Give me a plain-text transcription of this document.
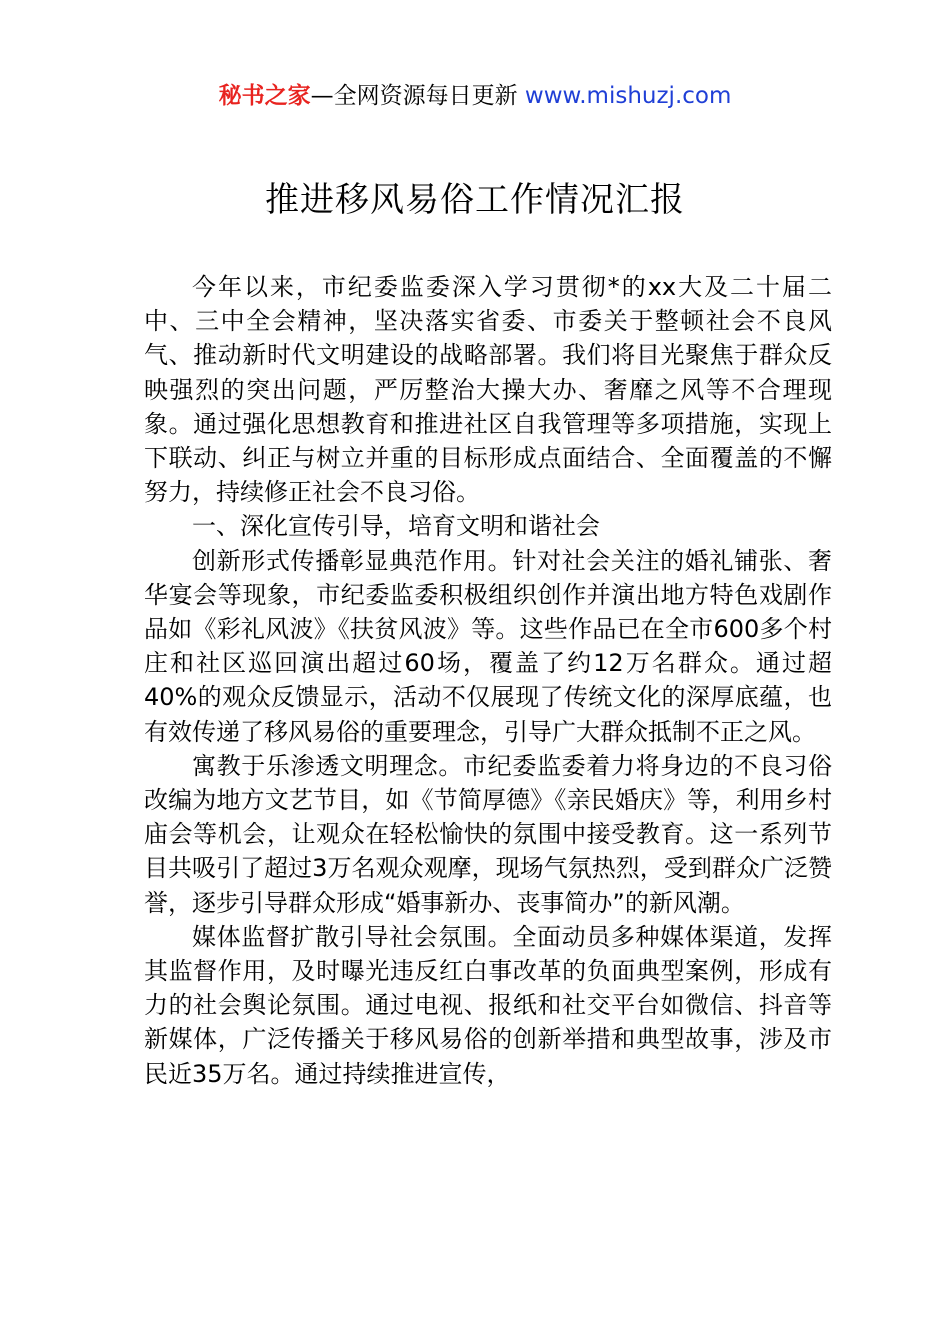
秘书之家—全网资源每日更新 www.mishuzj.com
推进移风易俗工作情况汇报

今年以来，市纪委监委深入学习贯彻*的xx大及二十届二中、三中全会精神，坚决落实省委、市委关于整顿社会不良风气、推动新时代文明建设的战略部署。我们将目光聚焦于群众反映强烈的突出问题，严厉整治大操大办、奢靡之风等不合理现象。通过强化思想教育和推进社区自我管理等多项措施，实现上下联动、纠正与树立并重的目标形成点面结合、全面覆盖的不懈努力，持续修正社会不良习俗。

一、深化宣传引导，培育文明和谐社会

创新形式传播彰显典范作用。针对社会关注的婚礼铺张、奢华宴会等现象，市纪委监委积极组织创作并演出地方特色戏剧作品如《彩礼风波》《扶贫风波》等。这些作品已在全市600多个村庄和社区巡回演出超过60场，覆盖了约12万名群众。通过超40%的观众反馈显示，活动不仅展现了传统文化的深厚底蕴，也有效传递了移风易俗的重要理念，引导广大群众抵制不正之风。

寓教于乐渗透文明理念。市纪委监委着力将身边的不良习俗改编为地方文艺节目，如《节简厚德》《亲民婚庆》等，利用乡村庙会等机会，让观众在轻松愉快的氛围中接受教育。这一系列节目共吸引了超过3万名观众观摩，现场气氛热烈，受到群众广泛赞誉，逐步引导群众形成“婚事新办、丧事简办”的新风潮。

媒体监督扩散引导社会氛围。全面动员多种媒体渠道，发挥其监督作用，及时曝光违反红白事改革的负面典型案例，形成有力的社会舆论氛围。通过电视、报纸和社交平台如微信、抖音等新媒体，广泛传播关于移风易俗的创新举措和典型故事，涉及市民近35万名。通过持续推进宣传，
